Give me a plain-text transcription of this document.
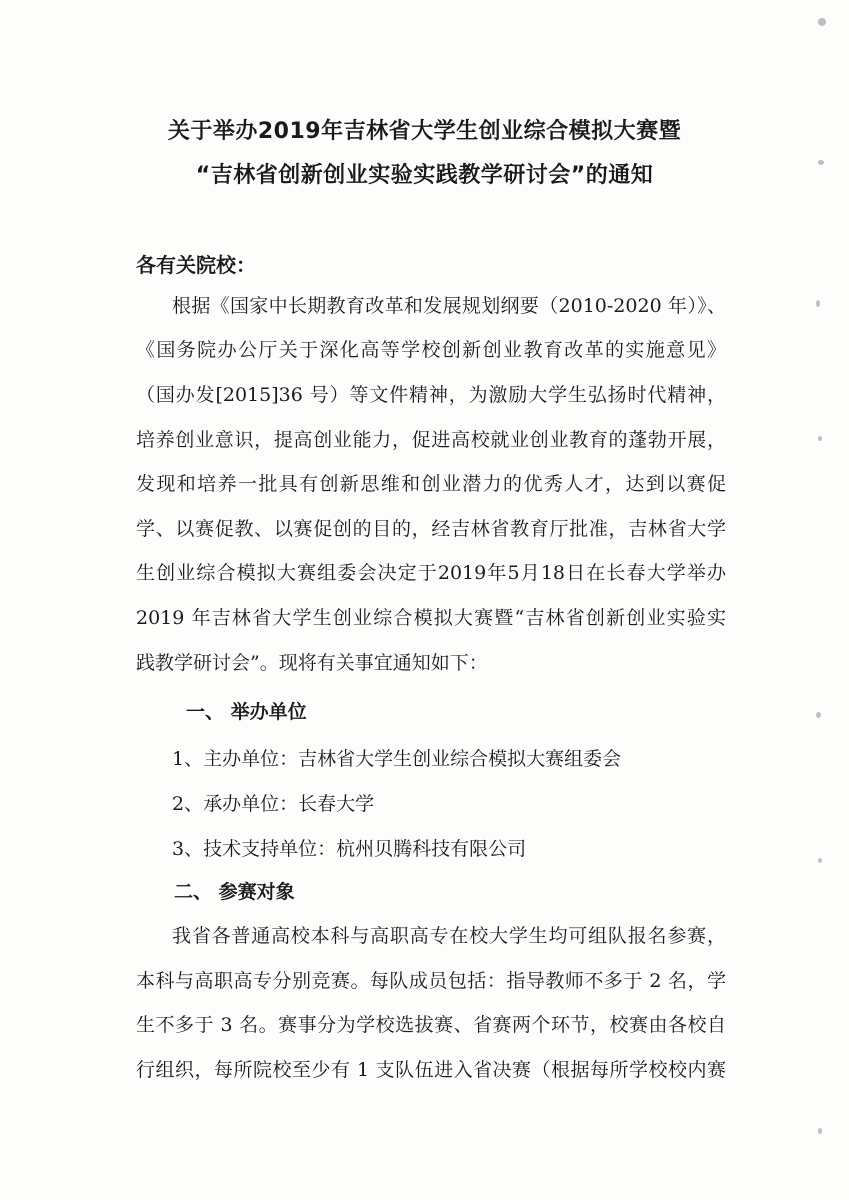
关于举办2019年吉林省大学生创业综合模拟大赛暨
“吉林省创新创业实验实践教学研讨会”的通知
各有关院校：
根据《国家中长期教育改革和发展规划纲要（2010-2020 年）》、
《国务院办公厅关于深化高等学校创新创业教育改革的实施意见》
（国办发[2015]36 号）等文件精神，为激励大学生弘扬时代精神，
培养创业意识，提高创业能力，促进高校就业创业教育的蓬勃开展，
发现和培养一批具有创新思维和创业潜力的优秀人才，达到以赛促
学、以赛促教、以赛促创的目的，经吉林省教育厅批准，吉林省大学
生创业综合模拟大赛组委会决定于2019年5月18日在长春大学举办
2019 年吉林省大学生创业综合模拟大赛暨“吉林省创新创业实验实
践教学研讨会”。现将有关事宜通知如下：
一、 举办单位
1、主办单位：吉林省大学生创业综合模拟大赛组委会
2、承办单位：长春大学
3、技术支持单位：杭州贝腾科技有限公司
二、 参赛对象
我省各普通高校本科与高职高专在校大学生均可组队报名参赛，
本科与高职高专分别竞赛。每队成员包括：指导教师不多于 2 名，学
生不多于 3 名。赛事分为学校选拔赛、省赛两个环节，校赛由各校自
行组织，每所院校至少有 1 支队伍进入省决赛（根据每所学校校内赛
